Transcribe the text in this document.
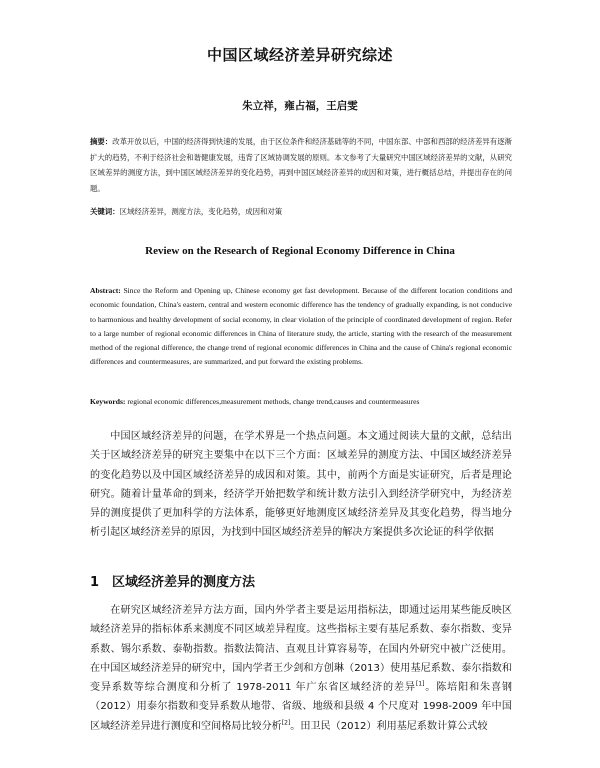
中国区域经济差异研究综述
朱立祥，雍占福，王启雯
摘要：改革开放以后，中国的经济得到快速的发展，由于区位条件和经济基础等的不同，中国东部、中部和西部的经济差异有逐渐扩大的趋势，不利于经济社会和谐健康发展，违背了区域协调发展的原则。本文参考了大量研究中国区域经济差异的文献，从研究区域差异的测度方法，到中国区域经济差异的变化趋势，再到中国区域经济差异的成因和对策，进行概括总结，并提出存在的问题。
关键词：区域经济差异，测度方法，变化趋势，成因和对策
Review on the Research of Regional Economy Difference in China
Abstract: Since the Reform and Opening up, Chinese economy get fast development. Because of the different location conditions and economic foundation, China's eastern, central and western economic difference has the tendency of gradually expanding, is not conducive to harmonious and healthy development of social economy, in clear violation of the principle of coordinated development of region. Refer to a large number of regional economic differences in China of literature study, the article, starting with the research of the measurement method of the regional difference, the change trend of regional economic differences in China and the cause of China's regional economic differences and countermeasures, are summarized, and put forward the existing problems.
Keywords: regional economic differences,measurement methods, change trend,causes and countermeasures
中国区域经济差异的问题，在学术界是一个热点问题。本文通过阅读大量的文献，总结出关于区域经济差异的研究主要集中在以下三个方面：区域差异的测度方法、中国区域经济差异的变化趋势以及中国区域经济差异的成因和对策。其中，前两个方面是实证研究，后者是理论研究。随着计量革命的到来，经济学开始把数学和统计数方法引入到经济学研究中，为经济差异的测度提供了更加科学的方法体系，能够更好地测度区域经济差异及其变化趋势，得当地分析引起区域经济差异的原因，为找到中国区域经济差异的解决方案提供多次论证的科学依据
1 区域经济差异的测度方法
在研究区域经济差异方法方面，国内外学者主要是运用指标法，即通过运用某些能反映区域经济差异的指标体系来测度不同区域差异程度。这些指标主要有基尼系数、泰尔指数、变异系数、锡尔系数、泰勒指数。指数法简洁、直观且计算容易等，在国内外研究中被广泛使用。在中国区域经济差异的研究中，国内学者王少剑和方创琳（2013）使用基尼系数、泰尔指数和变异系数等综合测度和分析了 1978-2011 年广东省区域经济的差异[1]。陈培阳和朱喜钢（2012）用泰尔指数和变异系数从地带、省级、地级和县级 4 个尺度对 1998-2009 年中国区域经济差异进行测度和空间格局比较分析[2]。田卫民（2012）利用基尼系数计算公式较
